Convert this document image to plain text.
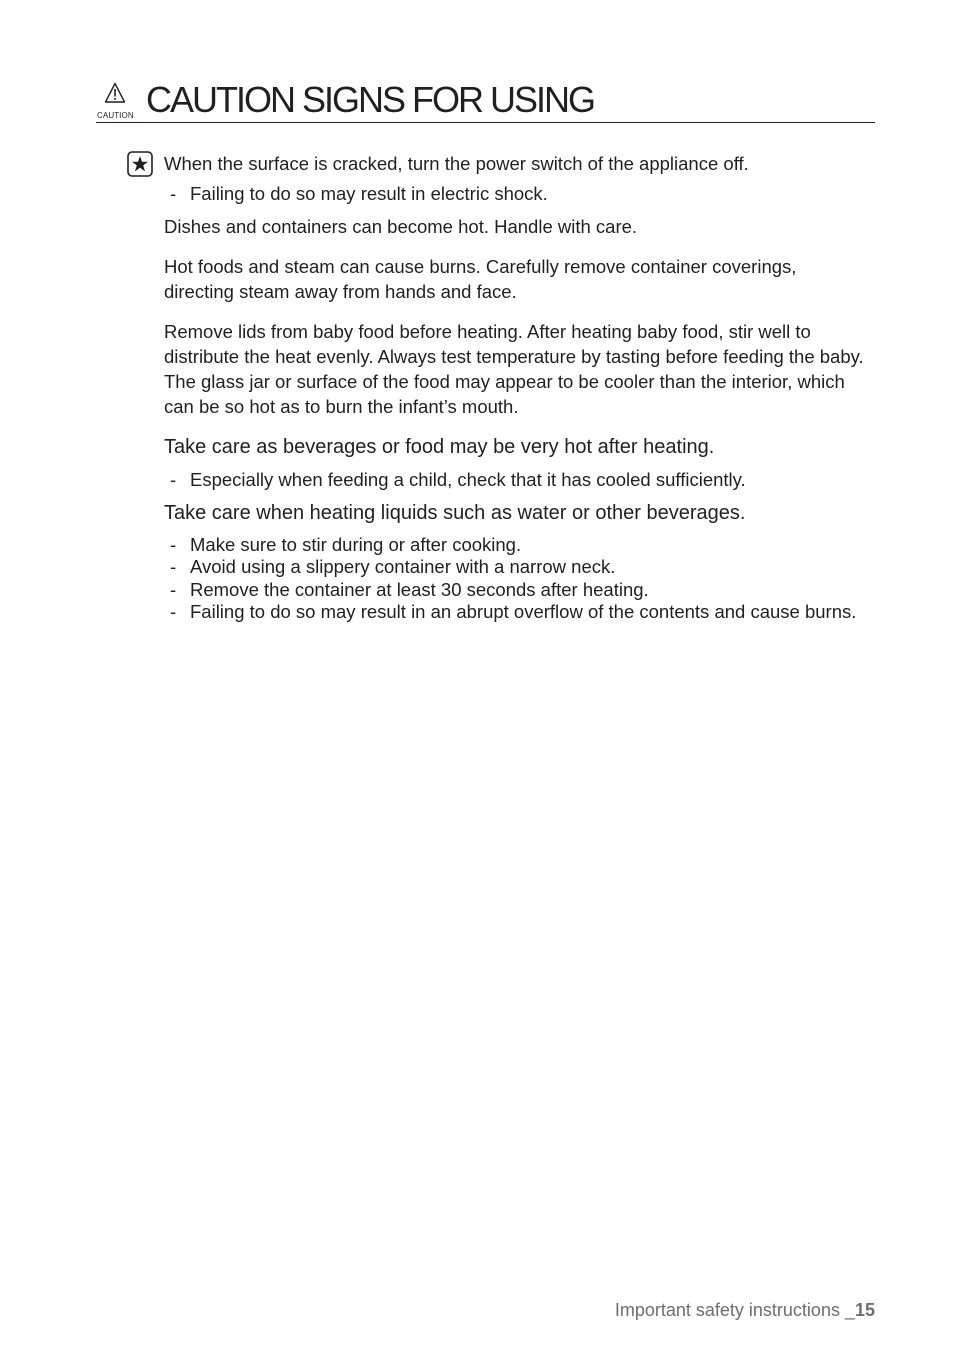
CAUTION CAUTION SIGNS FOR USING

When the surface is cracked, turn the power switch of the appliance off.

- Failing to do so may result in electric shock.

Dishes and containers can become hot. Handle with care.

Hot foods and steam can cause burns. Carefully remove container coverings, directing steam away from hands and face.

Remove lids from baby food before heating. After heating baby food, stir well to distribute the heat evenly. Always test temperature by tasting before feeding the baby. The glass jar or surface of the food may appear to be cooler than the interior, which can be so hot as to burn the infant’s mouth.

Take care as beverages or food may be very hot after heating.

- Especially when feeding a child, check that it has cooled sufficiently.

Take care when heating liquids such as water or other beverages.

- Make sure to stir during or after cooking.
- Avoid using a slippery container with a narrow neck.
- Remove the container at least 30 seconds after heating.
- Failing to do so may result in an abrupt overflow of the contents and cause burns.
Important safety instructions _15
